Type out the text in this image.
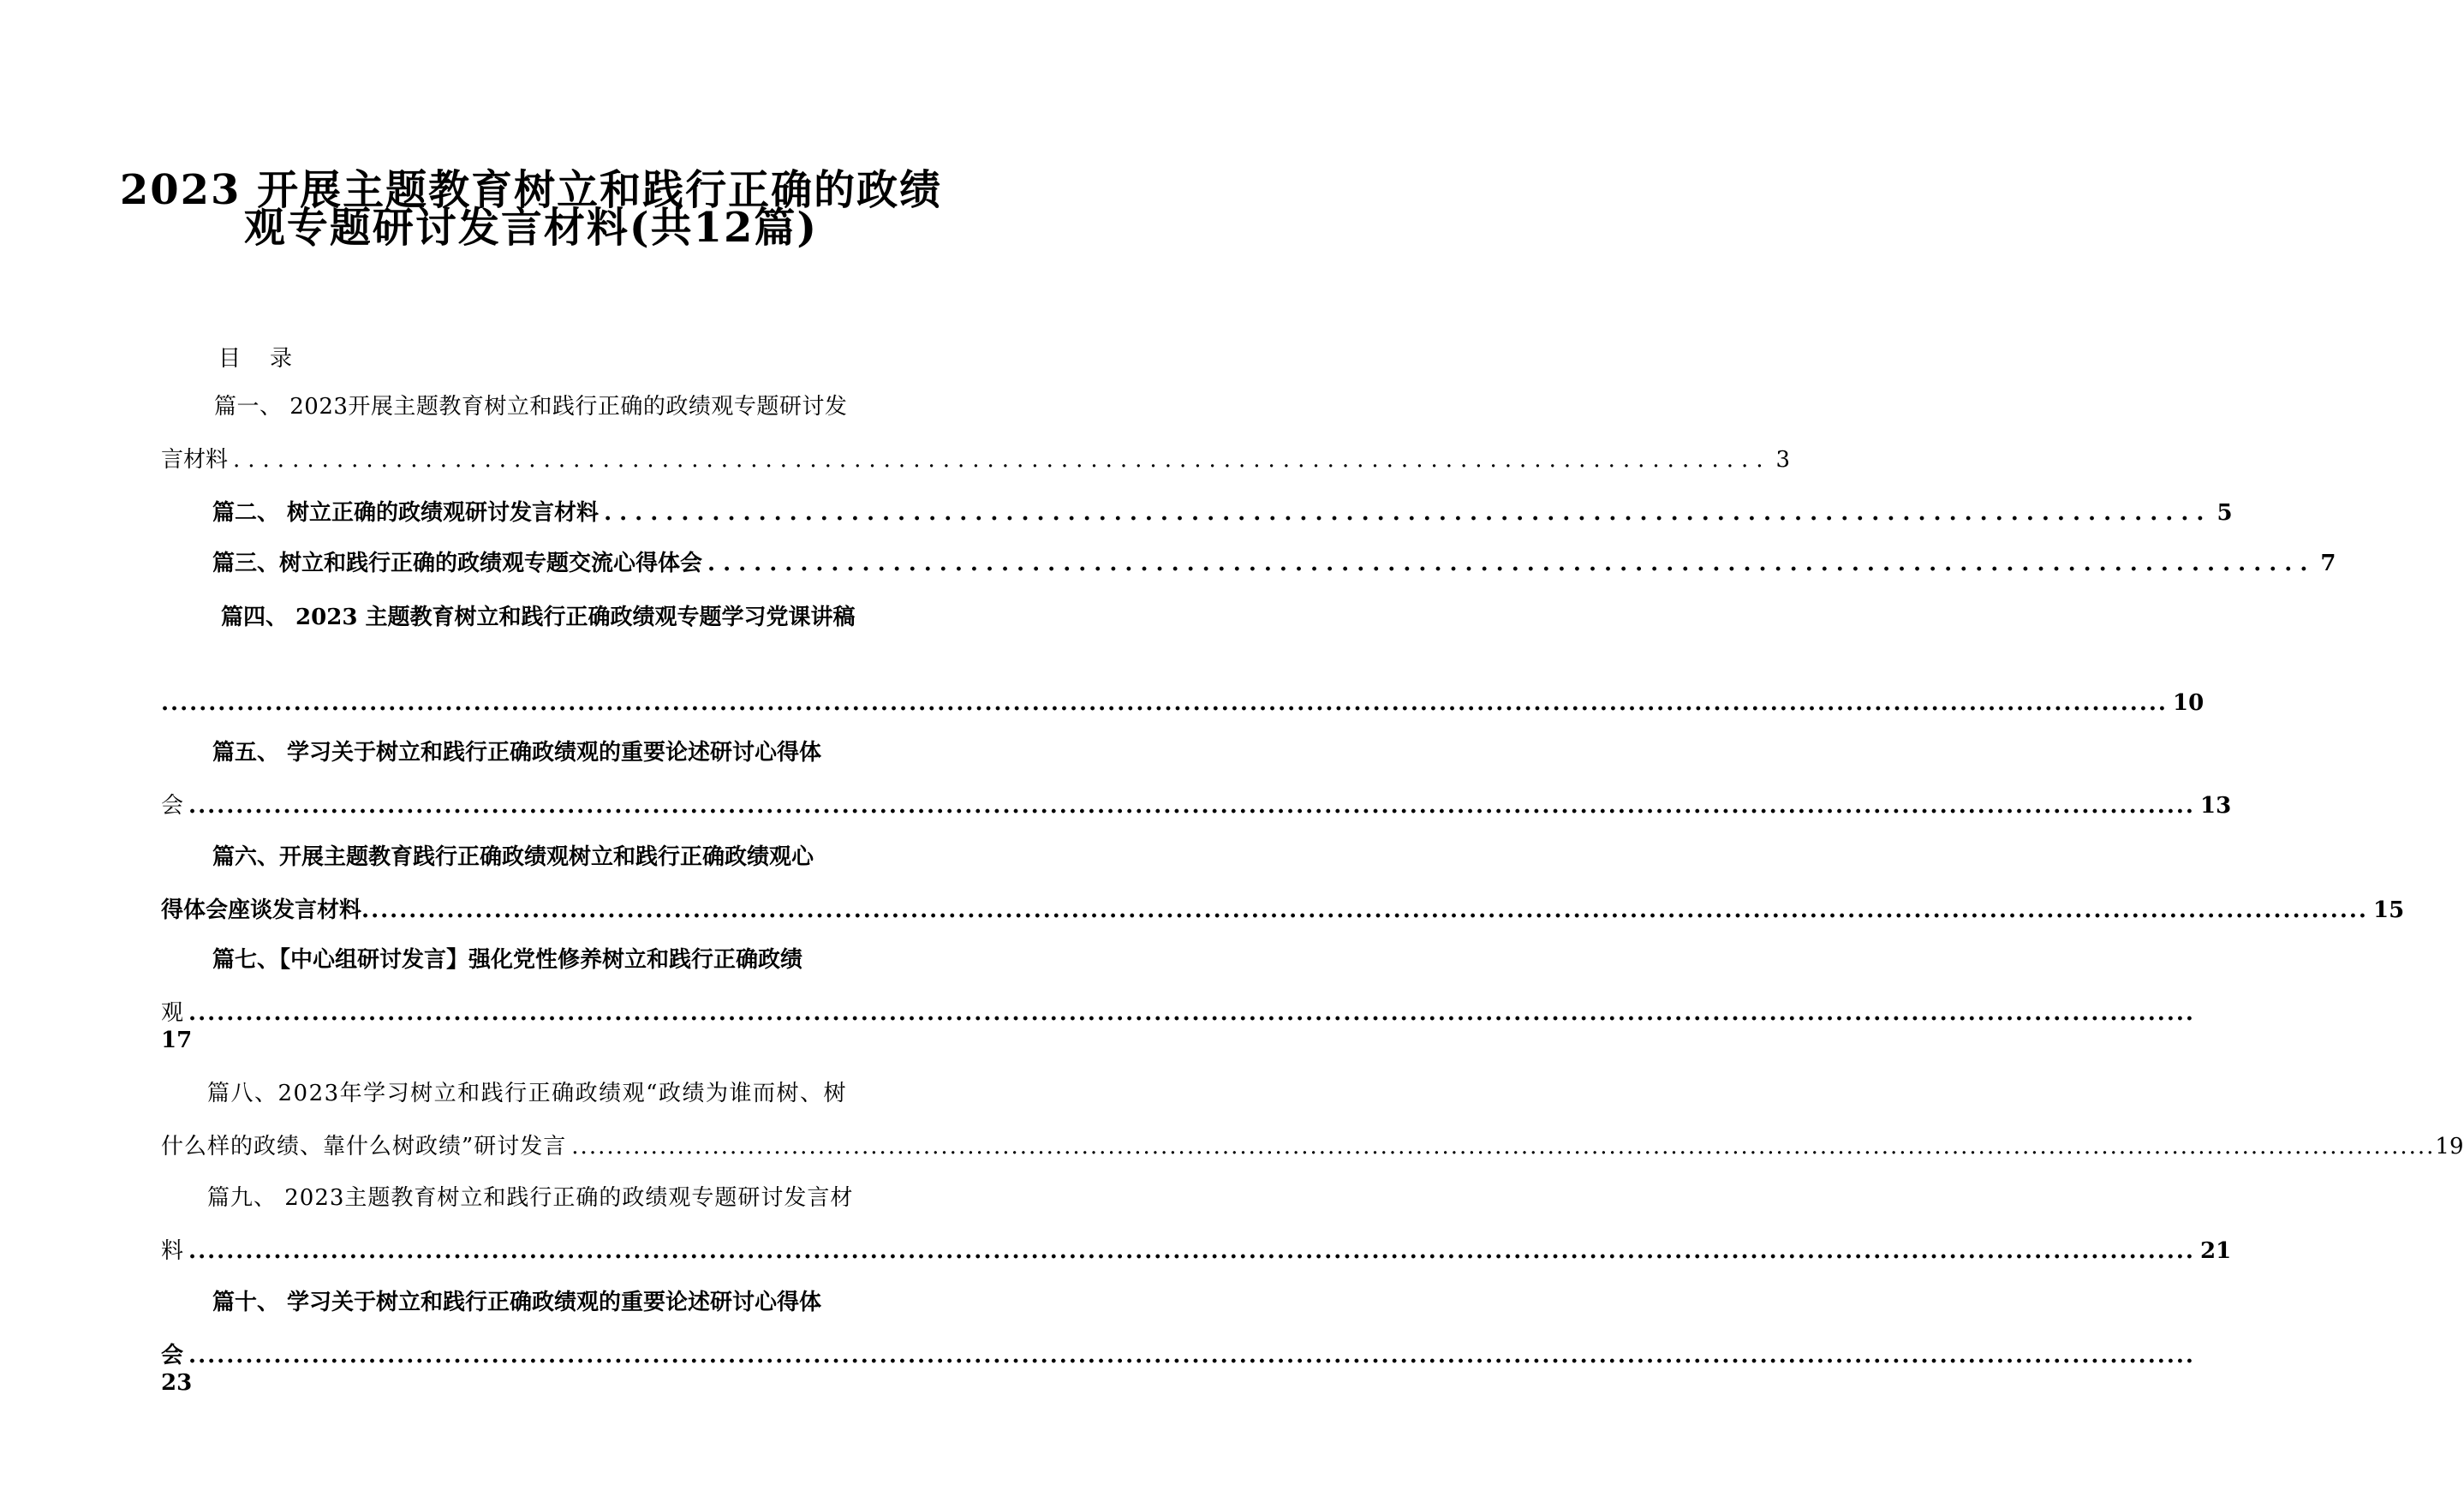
2023 开展主题教育树立和践行正确的政绩
观专题研讨发言材料(共12篇)
目 录
篇一、 2023开展主题教育树立和践行正确的政绩观专题研讨发
言材料 ........................................................................................................ 3
篇二、 树立正确的政绩观研讨发言材料 ........................................................................................................ 5
篇三、树立和践行正确的政绩观专题交流心得体会 ........................................................................................................ 7
篇四、 2023 主题教育树立和践行正确政绩观专题学习党课讲稿
.................................................................................................................................................................................................................... 10
篇五、 学习关于树立和践行正确政绩观的重要论述研讨心得体
会 .................................................................................................................................................................................................................... 13
篇六、开展主题教育践行正确政绩观树立和践行正确政绩观心
得体会座谈发言材料 .................................................................................................................................................................................................................... 15
篇七、【中心组研讨发言】强化党性修养树立和践行正确政绩
观 ....................................................................................................................................................................................................................
17
篇八、2023年学习树立和践行正确政绩观“政绩为谁而树、树
什么样的政绩、靠什么树政绩”研讨发言 .................................................................................................................................................................................................................... 19
篇九、 2023主题教育树立和践行正确的政绩观专题研讨发言材
料 .................................................................................................................................................................................................................... 21
篇十、 学习关于树立和践行正确政绩观的重要论述研讨心得体
会 ....................................................................................................................................................................................................................
23
